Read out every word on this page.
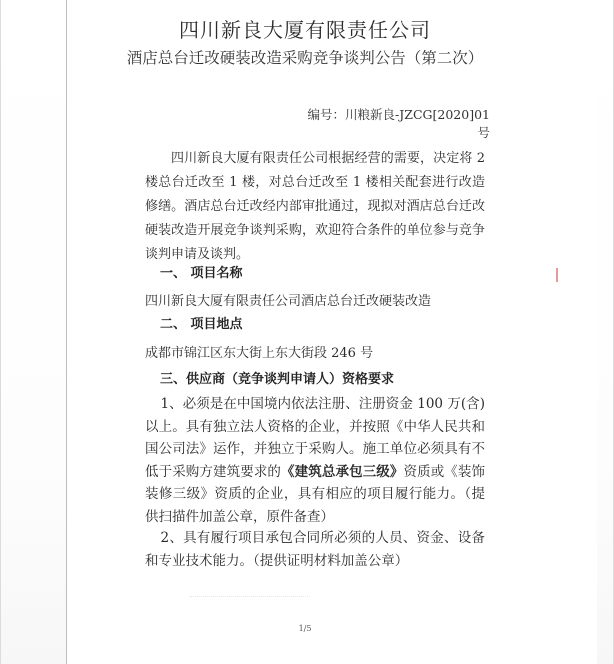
四川新良大厦有限责任公司
酒店总台迁改硬装改造采购竞争谈判公告（第二次）
编号：川粮新良-JZCG[2020]01 号
四川新良大厦有限责任公司根据经营的需要，决定将 2 楼总台迁改至 1 楼，对总台迁改至 1 楼相关配套进行改造修缮。酒店总台迁改经内部审批通过，现拟对酒店总台迁改硬装改造开展竞争谈判采购，欢迎符合条件的单位参与竞争谈判申请及谈判。
一、 项目名称
四川新良大厦有限责任公司酒店总台迁改硬装改造
二、 项目地点
成都市锦江区东大街上东大街段 246 号
三、供应商（竞争谈判申请人）资格要求
1、必须是在中国境内依法注册、注册资金 100 万(含)以上。具有独立法人资格的企业，并按照《中华人民共和国公司法》运作，并独立于采购人。施工单位必须具有不低于采购方建筑要求的《建筑总承包三级》资质或《装饰装修三级》资质的企业，具有相应的项目履行能力。（提供扫描件加盖公章，原件备查）
2、具有履行项目承包合同所必须的人员、资金、设备和专业技术能力。（提供证明材料加盖公章）
1/5
